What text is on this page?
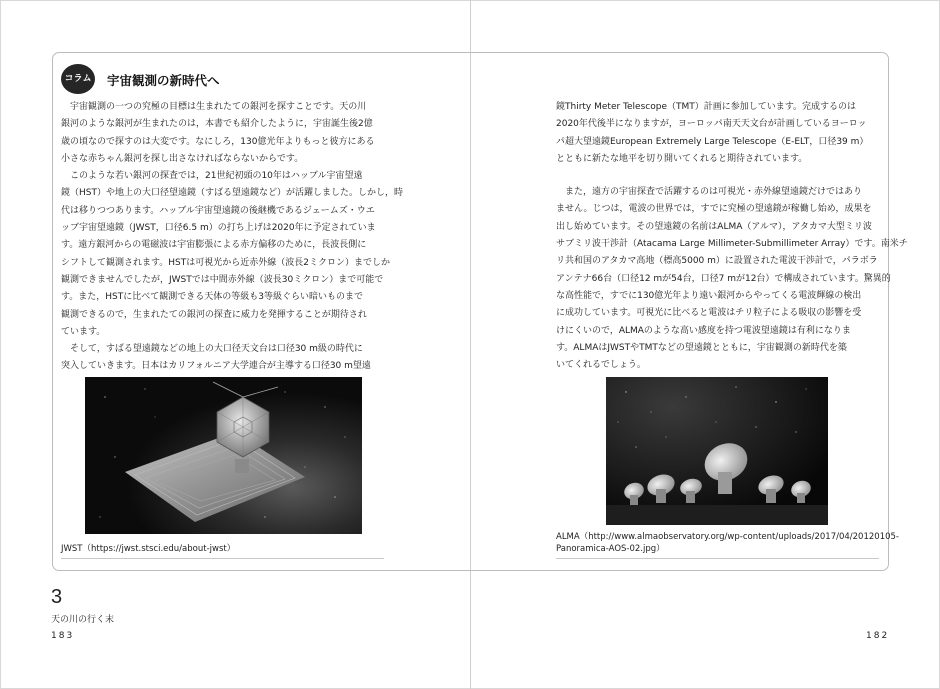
コラム 宇宙観測の新時代へ
　宇宙観測の一つの究極の目標は生まれたての銀河を探すことです。天の川
銀河のような銀河が生まれたのは，本書でも紹介したように，宇宙誕生後2億
歳の頃なので探すのは大変です。なにしろ，130億光年よりもっと彼方にある
小さな赤ちゃん銀河を探し出さなければならないからです。
　このような若い銀河の探査では，21世紀初頭の10年はハッブル宇宙望遠
鏡（HST）や地上の大口径望遠鏡（すばる望遠鏡など）が活躍しました。しかし，時
代は移りつつあります。ハッブル宇宙望遠鏡の後継機であるジェームズ・ウエ
ッブ宇宙望遠鏡（JWST，口径6.5 m）の打ち上げは2020年に予定されていま
す。遠方銀河からの電磁波は宇宙膨張による赤方偏移のために，長波長側に
シフトして観測されます。HSTは可視光から近赤外線（波長2ミクロン）までしか
観測できませんでしたが，JWSTでは中間赤外線（波長30ミクロン）まで可能で
す。また，HSTに比べて観測できる天体の等級も3等級ぐらい暗いものまで
観測できるので，生まれたての銀河の探査に威力を発揮することが期待され
ています。
　そして，すばる望遠鏡などの地上の大口径天文台は口径30 m級の時代に
突入していきます。日本はカリフォルニア大学連合が主導する口径30 m望遠
鏡Thirty Meter Telescope（TMT）計画に参加しています。完成するのは
2020年代後半になりますが，ヨーロッパ南天天文台が計画しているヨーロッ
パ超大望遠鏡European Extremely Large Telescope（E-ELT，口径39 m）
とともに新たな地平を切り開いてくれると期待されています。
　また，遠方の宇宙探査で活躍するのは可視光・赤外線望遠鏡だけではあり
ません。じつは，電波の世界では，すでに究極の望遠鏡が稼働し始め，成果を
出し始めています。その望遠鏡の名前はALMA（アルマ），アタカマ大型ミリ波
サブミリ波干渉計（Atacama Large Millimeter-Submillimeter Array）です。南米チ
リ共和国のアタカマ高地（標高5000 m）に設置された電波干渉計で，パラボラ
アンテナ66台（口径12 mが54台，口径7 mが12台）で構成されています。驚異的
な高性能で，すでに130億光年より遠い銀河からやってくる電波輝線の検出
に成功しています。可視光に比べると電波はチリ粒子による吸収の影響を受
けにくいので，ALMAのような高い感度を持つ電波望遠鏡は有利になりま
す。ALMAはJWSTやTMTなどの望遠鏡とともに，宇宙観測の新時代を築
いてくれるでしょう。
JWST（https://jwst.stsci.edu/about-jwst）
ALMA（http://www.almaobservatory.org/wp-content/uploads/2017/04/20120105-
Panoramica-AOS-02.jpg）
3
天の川の行く末
183	182
